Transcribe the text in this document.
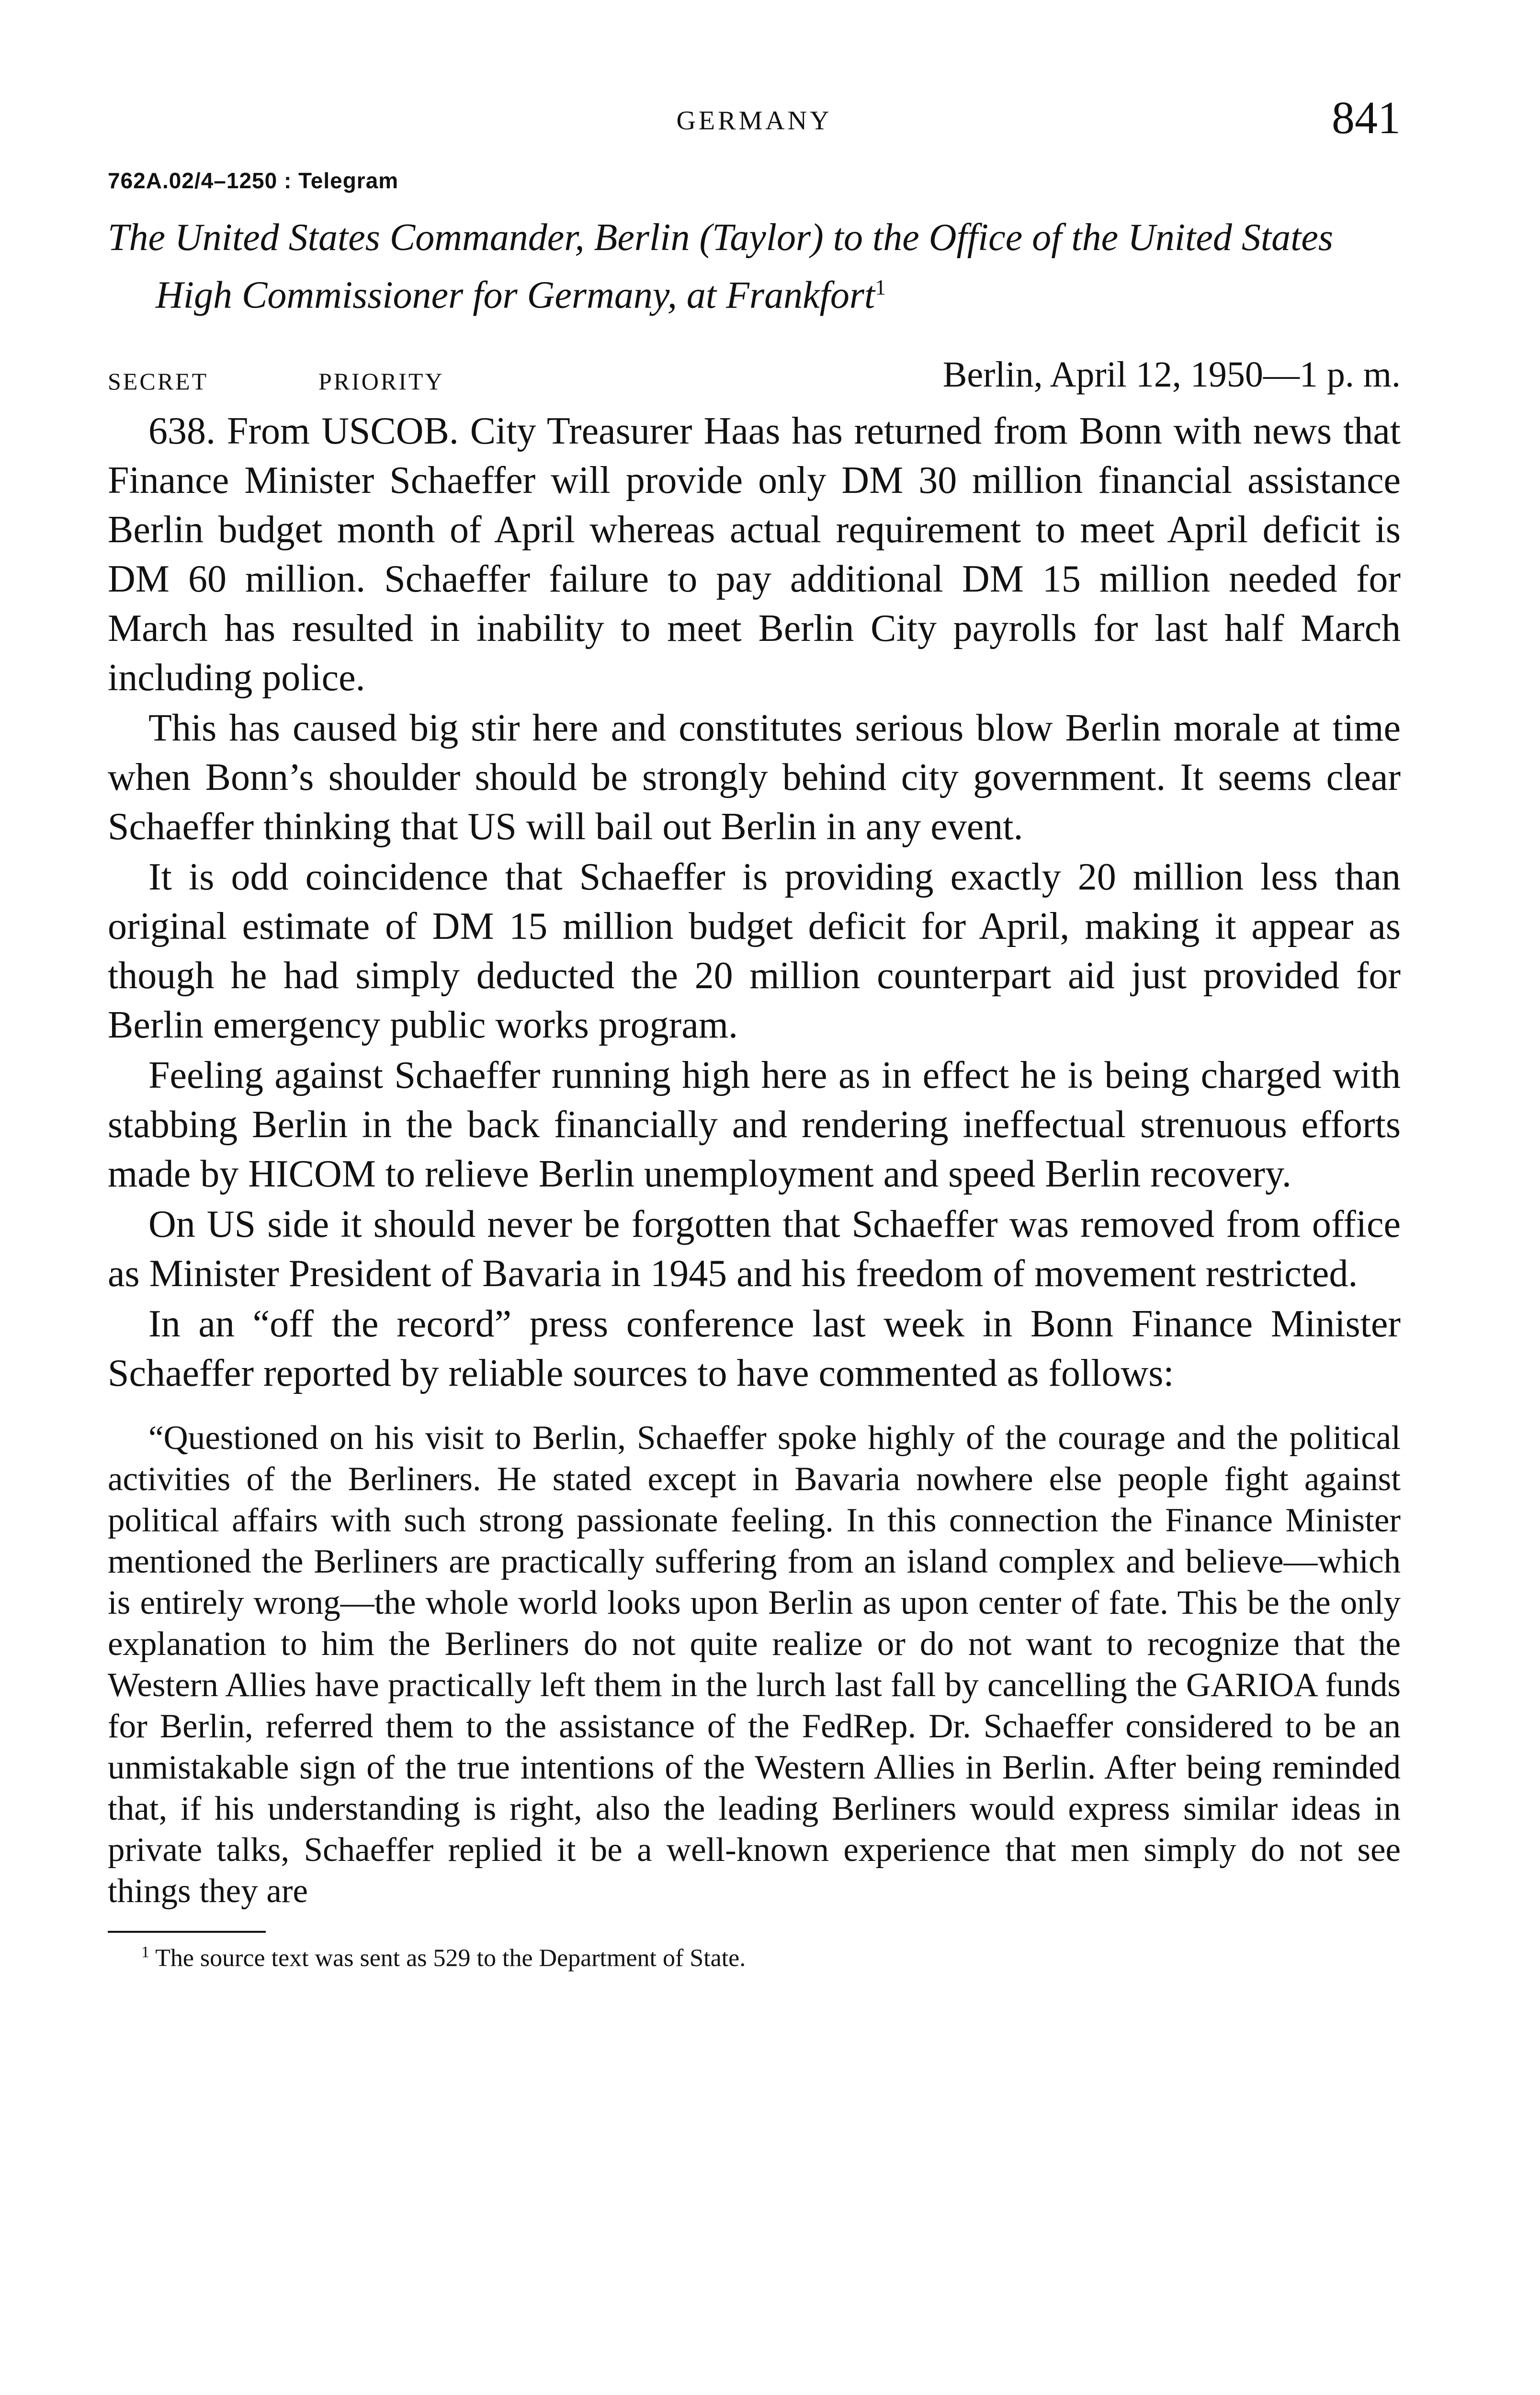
GERMANY	841
762A.02/4–1250 : Telegram
The United States Commander, Berlin (Taylor) to the Office of the United States High Commissioner for Germany, at Frankfort$^1$
SECRET	PRIORITY	Berlin, April 12, 1950—1 p. m.

638. From USCOB. City Treasurer Haas has returned from Bonn with news that Finance Minister Schaeffer will provide only DM 30 million financial assistance Berlin budget month of April whereas actual requirement to meet April deficit is DM 60 million. Schaeffer failure to pay additional DM 15 million needed for March has resulted in inability to meet Berlin City payrolls for last half March including police.

This has caused big stir here and constitutes serious blow Berlin morale at time when Bonn’s shoulder should be strongly behind city government. It seems clear Schaeffer thinking that US will bail out Berlin in any event.

It is odd coincidence that Schaeffer is providing exactly 20 million less than original estimate of DM 15 million budget deficit for April, making it appear as though he had simply deducted the 20 million counterpart aid just provided for Berlin emergency public works program.

Feeling against Schaeffer running high here as in effect he is being charged with stabbing Berlin in the back financially and rendering ineffectual strenuous efforts made by HICOM to relieve Berlin unemployment and speed Berlin recovery.

On US side it should never be forgotten that Schaeffer was removed from office as Minister President of Bavaria in 1945 and his freedom of movement restricted.

In an “off the record” press conference last week in Bonn Finance Minister Schaeffer reported by reliable sources to have commented as follows:

“Questioned on his visit to Berlin, Schaeffer spoke highly of the courage and the political activities of the Berliners. He stated except in Bavaria nowhere else people fight against political affairs with such strong passionate feeling. In this connection the Finance Minister mentioned the Berliners are practically suffering from an island complex and believe—which is entirely wrong—the whole world looks upon Berlin as upon center of fate. This be the only explanation to him the Berliners do not quite realize or do not want to recognize that the Western Allies have practically left them in the lurch last fall by cancelling the GARIOA funds for Berlin, referred them to the assistance of the FedRep. Dr. Schaeffer considered to be an unmistakable sign of the true intentions of the Western Allies in Berlin. After being reminded that, if his understanding is right, also the leading Berliners would express similar ideas in private talks, Schaeffer replied it be a well-known experience that men simply do not see things they are

$^1$ The source text was sent as 529 to the Department of State.
